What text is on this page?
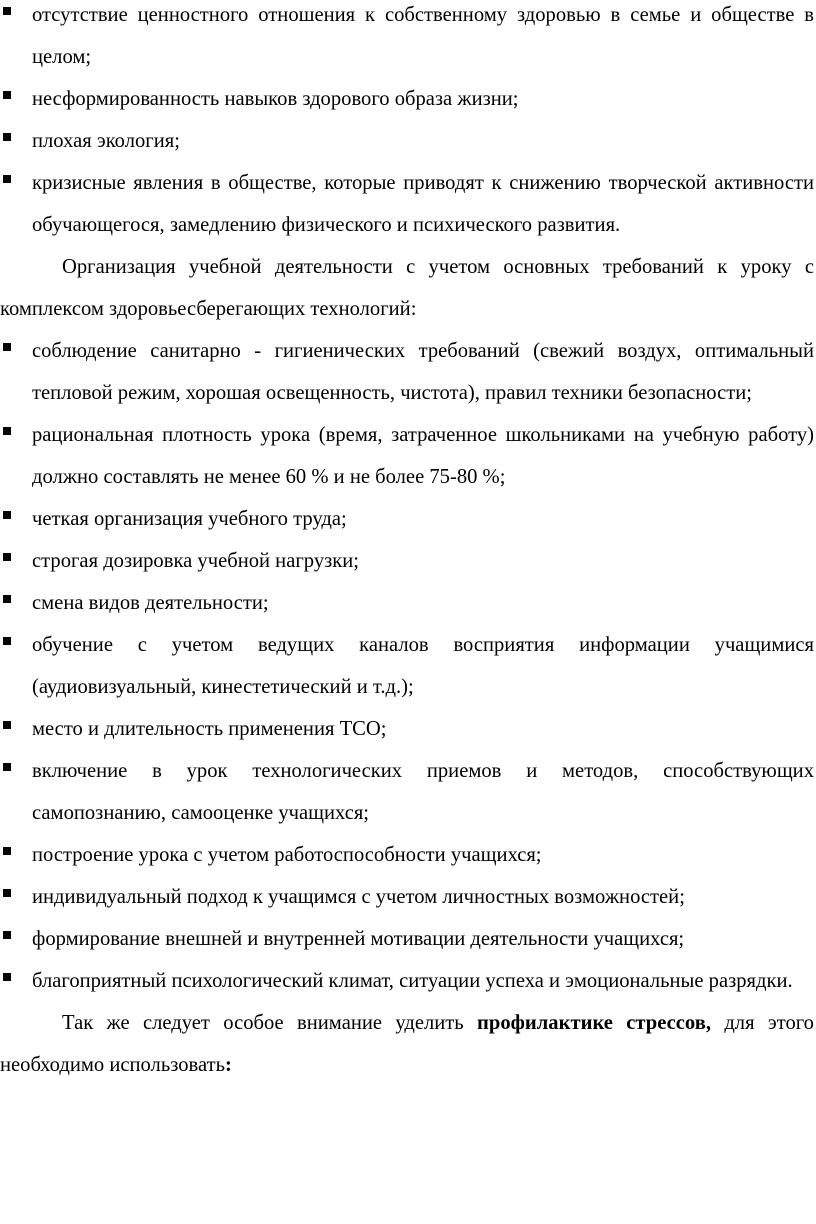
отсутствие ценностного отношения к собственному здоровью в семье и обществе в целом;
несформированность навыков здорового образа жизни;
плохая экология;
кризисные явления в обществе, которые приводят к снижению творческой активности обучающегося, замедлению физического и психического развития.

Организация учебной деятельности с учетом основных требований к уроку с комплексом здоровьесберегающих технологий:

соблюдение санитарно - гигиенических требований (свежий воздух, оптимальный тепловой режим, хорошая освещенность, чистота), правил техники безопасности;
рациональная плотность урока (время, затраченное школьниками на учебную работу) должно составлять не менее 60 % и не более 75-80 %;
четкая организация учебного труда;
строгая дозировка учебной нагрузки;
смена видов деятельности;
обучение с учетом ведущих каналов восприятия информации учащимися (аудиовизуальный, кинестетический и т.д.);
место и длительность применения ТСО;
включение в урок технологических приемов и методов, способствующих самопознанию, самооценке учащихся;
построение урока с учетом работоспособности учащихся;
индивидуальный подход к учащимся с учетом личностных возможностей;
формирование внешней и внутренней мотивации деятельности учащихся;
благоприятный психологический климат, ситуации успеха и эмоциональные разрядки.

Так же следует особое внимание уделить профилактике стрессов, для этого необходимо использовать:
